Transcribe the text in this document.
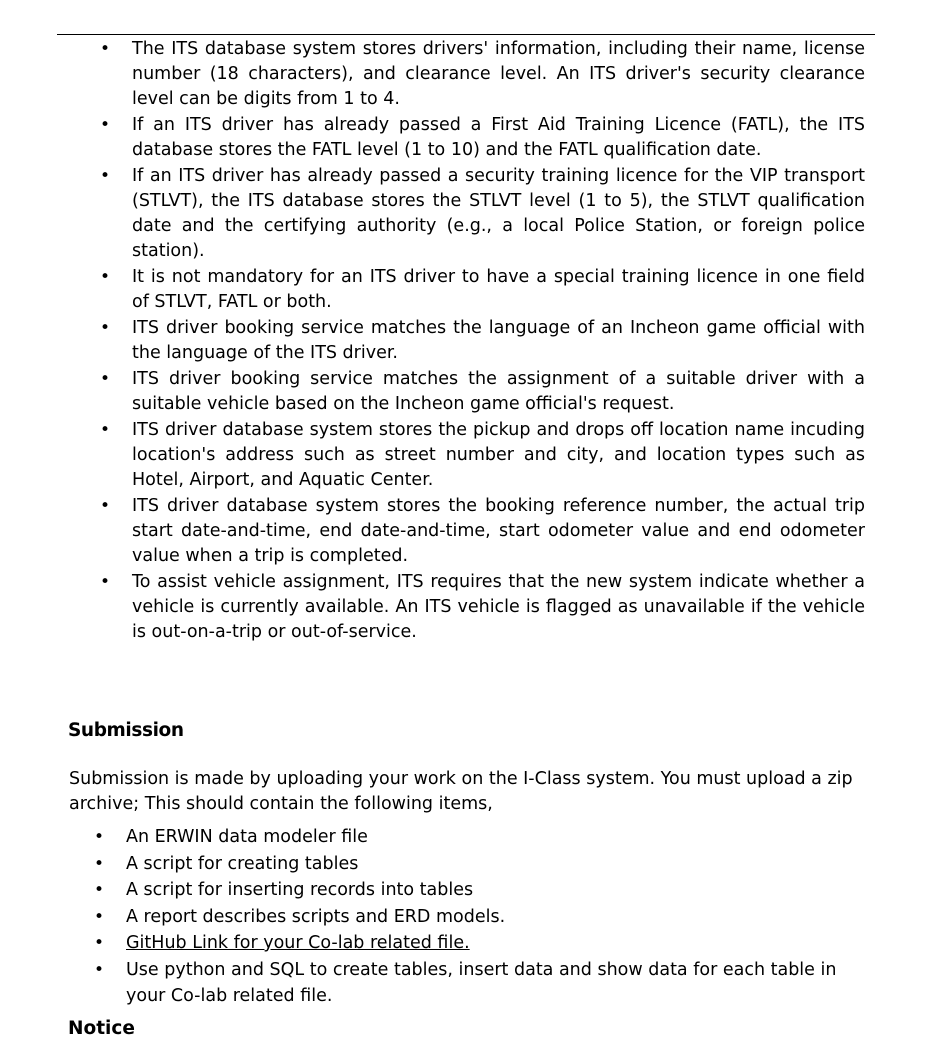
• The ITS database system stores drivers' information, including their name, license number (18 characters), and clearance level. An ITS driver's security clearance level can be digits from 1 to 4.
• If an ITS driver has already passed a First Aid Training Licence (FATL), the ITS database stores the FATL level (1 to 10) and the FATL qualification date.
• If an ITS driver has already passed a security training licence for the VIP transport (STLVT), the ITS database stores the STLVT level (1 to 5), the STLVT qualification date and the certifying authority (e.g., a local Police Station, or foreign police station).
• It is not mandatory for an ITS driver to have a special training licence in one field of STLVT, FATL or both.
• ITS driver booking service matches the language of an Incheon game official with the language of the ITS driver.
• ITS driver booking service matches the assignment of a suitable driver with a suitable vehicle based on the Incheon game official's request.
• ITS driver database system stores the pickup and drops off location name incuding location's address such as street number and city, and location types such as Hotel, Airport, and Aquatic Center.
• ITS driver database system stores the booking reference number, the actual trip start date-and-time, end date-and-time, start odometer value and end odometer value when a trip is completed.
• To assist vehicle assignment, ITS requires that the new system indicate whether a vehicle is currently available. An ITS vehicle is flagged as unavailable if the vehicle is out-on-a-trip or out-of-service.
Submission

Submission is made by uploading your work on the I-Class system. You must upload a zip archive; This should contain the following items,

• An ERWIN data modeler file
• A script for creating tables
• A script for inserting records into tables
• A report describes scripts and ERD models.
• GitHub Link for your Co-lab related file.
• Use python and SQL to create tables, insert data and show data for each table in your Co-lab related file.
Notice
